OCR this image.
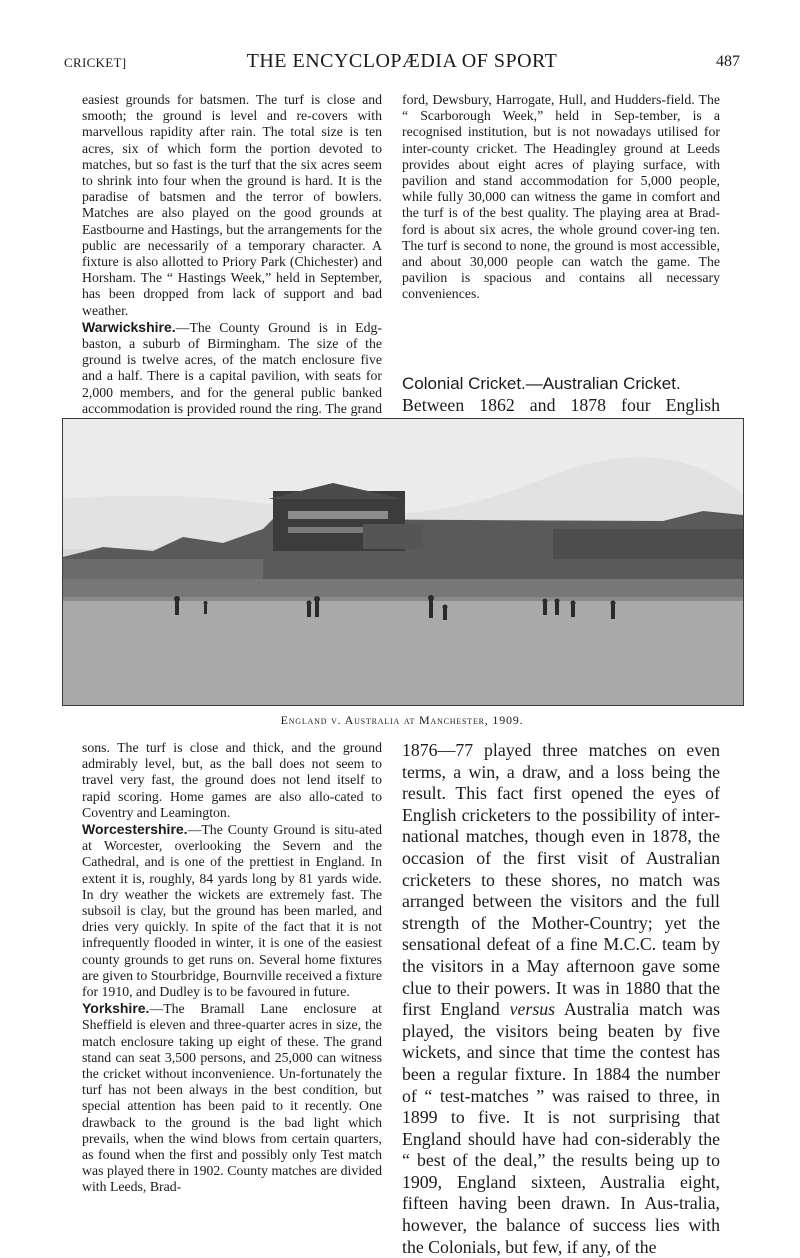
CRICKET]	THE ENCYCLOPÆDIA OF SPORT	487

easiest grounds for batsmen. The turf is close and smooth; the ground is level and re-covers with marvellous rapidity after rain. The total size is ten acres, six of which form the portion devoted to matches, but so fast is the turf that the six acres seem to shrink into four when the ground is hard. It is the paradise of batsmen and the terror of bowlers. Matches are also played on the good grounds at Eastbourne and Hastings, but the arrangements for the public are necessarily of a temporary character. A fixture is also allotted to Priory Park (Chichester) and Horsham. The “ Hastings Week,” held in September, has been dropped from lack of support and bad weather.

Warwickshire.—The County Ground is in Edg-baston, a suburb of Birmingham. The size of the ground is twelve acres, of the match enclosure five and a half. There is a capital pavilion, with seats for 2,000 members, and for the general public banked accommodation is provided round the ring. The grand

ford, Dewsbury, Harrogate, Hull, and Hudders-field. The “ Scarborough Week,” held in Sep-tember, is a recognised institution, but is not nowadays utilised for inter-county cricket. The Headingley ground at Leeds provides about eight acres of playing surface, with pavilion and stand accommodation for 5,000 people, while fully 30,000 can witness the game in comfort and the turf is of the best quality. The playing area at Brad-ford is about six acres, the whole ground cover-ing ten. The turf is second to none, the ground is most accessible, and about 30,000 people can watch the game. The pavilion is spacious and contains all necessary conveniences.

Colonial Cricket.—Australian Cricket.

Between 1862 and 1878 four English

England v. Australia at Manchester, 1909.

sons. The turf is close and thick, and the ground admirably level, but, as the ball does not seem to travel very fast, the ground does not lend itself to rapid scoring. Home games are also allo-cated to Coventry and Leamington.

Worcestershire.—The County Ground is situ-ated at Worcester, overlooking the Severn and the Cathedral, and is one of the prettiest in England. In extent it is, roughly, 84 yards long by 81 yards wide. In dry weather the wickets are extremely fast. The subsoil is clay, but the ground has been marled, and dries very quickly. In spite of the fact that it is not infrequently flooded in winter, it is one of the easiest county grounds to get runs on. Several home fixtures are given to Stourbridge, Bournville received a fixture for 1910, and Dudley is to be favoured in future.

Yorkshire.—The Bramall Lane enclosure at Sheffield is eleven and three-quarter acres in size, the match enclosure taking up eight of these. The grand stand can seat 3,500 persons, and 25,000 can witness the cricket without inconvenience. Un-fortunately the turf has not been always in the best condition, but special attention has been paid to it recently. One drawback to the ground is the bad light which prevails, when the wind blows from certain quarters, as found when the first and possibly only Test match was played there in 1902. County matches are divided with Leeds, Brad-

1876—77 played three matches on even terms, a win, a draw, and a loss being the result. This fact first opened the eyes of English cricketers to the possibility of inter-national matches, though even in 1878, the occasion of the first visit of Australian cricketers to these shores, no match was arranged between the visitors and the full strength of the Mother-Country; yet the sensational defeat of a fine M.C.C. team by the visitors in a May afternoon gave some clue to their powers. It was in 1880 that the first England versus Australia match was played, the visitors being beaten by five wickets, and since that time the contest has been a regular fixture. In 1884 the number of “ test-matches ” was raised to three, in 1899 to five. It is not surprising that England should have had con-siderably the “ best of the deal,” the results being up to 1909, England sixteen, Australia eight, fifteen having been drawn. In Aus-tralia, however, the balance of success lies with the Colonials, but few, if any, of the
